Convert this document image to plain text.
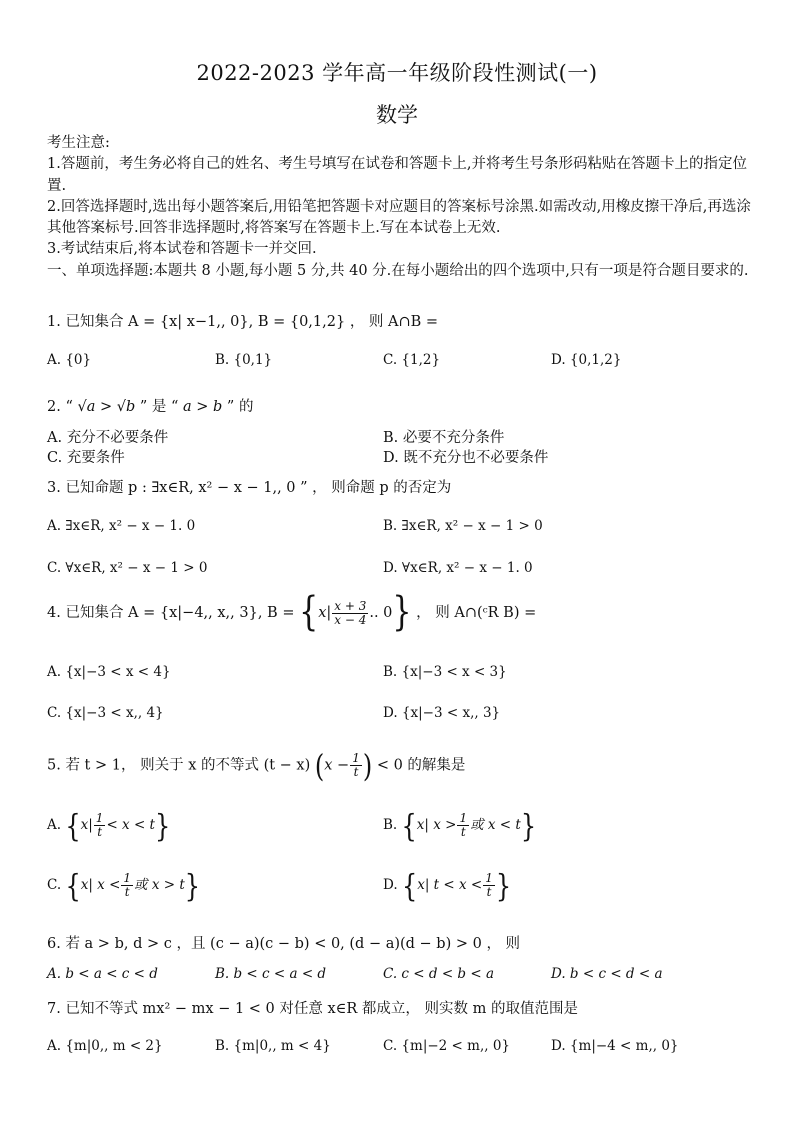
2022-2023 学年高一年级阶段性测试(一)
数学

考生注意:

1.答题前，考生务必将自己的姓名、考生号填写在试卷和答题卡上,并将考生号条形码粘贴在答题卡上的指定位置.

2.回答选择题时,选出每小题答案后,用铅笔把答题卡对应题目的答案标号涂黑.如需改动,用橡皮擦干净后,再选涂其他答案标号.回答非选择题时,将答案写在答题卡上.写在本试卷上无效.

3.考试结束后,将本试卷和答题卡一并交回.

一、单项选择题:本题共 8 小题,每小题 5 分,共 40 分.在每小题给出的四个选项中,只有一项是符合题目要求的.

1. 已知集合 A = {x| x−1,, 0}, B = {0,1,2} ， 则 A∩B =
A. {0}	B. {0,1}	C. {1,2}	D. {0,1,2}
2. “ √a > √b ” 是 “ a > b ” 的
A. 充分不必要条件	B. 必要不充分条件
C. 充要条件	D. 既不充分也不必要条件
3. 已知命题 p : ∃x∈R, x² − x − 1,, 0 ” ， 则命题 p 的否定为
A. ∃x∈R, x² − x − 1. 0	B. ∃x∈R, x² − x − 1 > 0
C. ∀x∈R, x² − x − 1 > 0	D. ∀x∈R, x² − x − 1. 0
4. 已知集合 A = {x|−4,, x,, 3}, $B = \{x| \frac{x + 3}{x - 4}$ .. 0} ， 则 A∩(ᶜR B) =
A. {x|−3 < x < 4}	B. {x|−3 < x < 3}
C. {x|−3 < x,, 4}	D. {x|−3 < x,, 3}
5. 若 t > 1， 则关于 x 的不等式 (t − x) ($x - \frac{1}{t}$ ) < 0 的解集是
A. $\{x| \frac{1}{t} < x < t\}$	B. {x| $x > \frac{1}{t}$ 或 x < t}
C. {x| $x < \frac{1}{t}$ 或 x > t}	D. {x| $t < x < \frac{1}{t}$ }
6. 若 a > b, d > c ，且 (c − a)(c − b) < 0, (d − a)(d − b) > 0 ， 则
A. b < a < c < d	B. b < c < a < d	C. c < d < b < a	D. b < c < d < a
7. 已知不等式 mx² − mx − 1 < 0 对任意 x∈R 都成立， 则实数 m 的取值范围是
A. {m|0,, m < 2}	B. {m|0,, m < 4}	C. {m|−2 < m,, 0}	D. {m|−4 < m,, 0}
